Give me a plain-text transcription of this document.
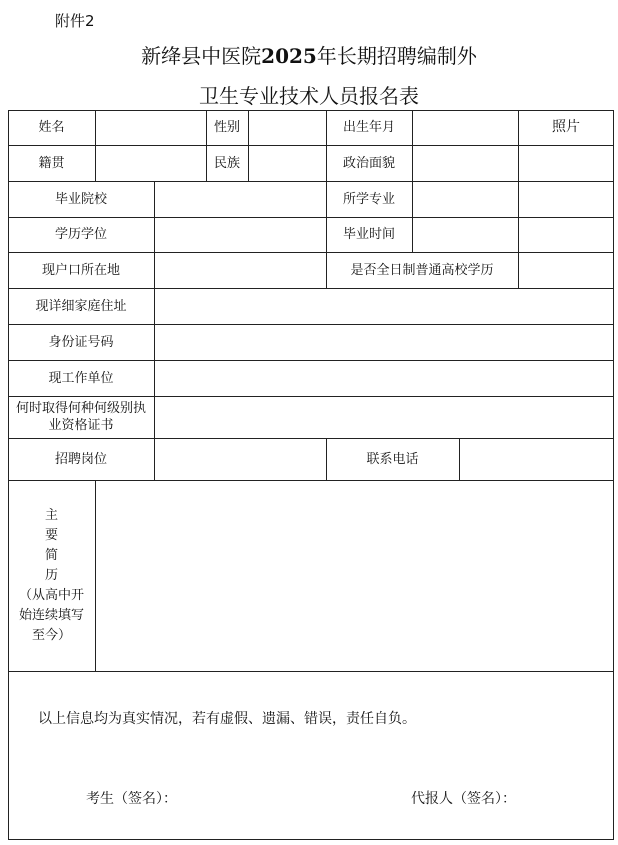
附件2
新绛县中医院2025年长期招聘编制外
卫生专业技术人员报名表
姓名	性别	出生年月	照片
籍贯	民族	政治面貌
毕业院校	所学专业
学历学位	毕业时间
现户口所在地	是否全日制普通高校学历
现详细家庭住址
身份证号码
现工作单位
何时取得何种何级别执
业资格证书
招聘岗位	联系电话
主
要
简
历
（从高中开
始连续填写
至今）
以上信息均为真实情况，若有虚假、遗漏、错误，责任自负。
考生（签名）：	代报人（签名）：
